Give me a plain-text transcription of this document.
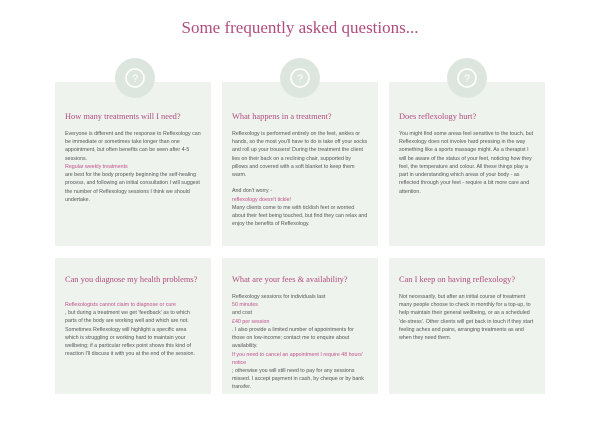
Some frequently asked questions...
How many treatments will I need?

Everyone is different and the response to Reflexology can be immediate or sometimes take longer than one appointment, but often benefits can be seen after 4-5 sessions.

Regular weekly treatments

are best for the body properly beginning the self-healing process, and following an initial consultation I will suggest the number of Reflexology sessions I think we should undertake.

?
What happens in a treatment?

Reflexology is performed entirely on the feet, ankles or hands, so the most you'll have to do is take off your socks and roll up your trousers! During the treatment the client lies on their back on a reclining chair, supported by pillows and covered with a soft blanket to keep them warm.

And don't worry -

reflexology doesn't tickle!

Many clients come to me with ticklish feet or worried about their feet being touched, but find they can relax and enjoy the benefits of Reflexology.

?
Does reflexology hurt?

You might find some areas feel sensitive to the touch, but Reflexology does not involve hard pressing in the way something like a sports massage might. As a therapist I will be aware of the status of your feet, noticing how they feel, the temperature and colour. All these things play a part in understanding which areas of your body - as reflected through your feet - require a bit more care and attention.

?
Can you diagnose my health problems?

Reflexologists cannot claim to diagnose or cure

, but during a treatment we get 'feedback' as to which parts of the body are working well and which are not. Sometimes Reflexology will highlight a specific area which is struggling or working hard to maintain your wellbeing; if a particular reflex point shows this kind of reaction I'll discuss it with you at the end of the session.

What are your fees & availability?

Reflexology sessions for individuals last

50 minutes

and cost

£40 per session

. I also provide a limited number of appointments for those on low-income; contact me to enquire about availability.

If you need to cancel an appointment I require 48 hours' notice

; otherwise you will still need to pay for any sessions missed. I accept payment in cash, by cheque or by bank transfer.

Can I keep on having reflexology?

Not necessarily, but after an initial course of treatment many people choose to check in monthly for a top-up, to help maintain their general wellbeing, or as a scheduled 'de-stress'. Other clients will get back in touch if they start feeling aches and pains, arranging treatments as and when they need them.
